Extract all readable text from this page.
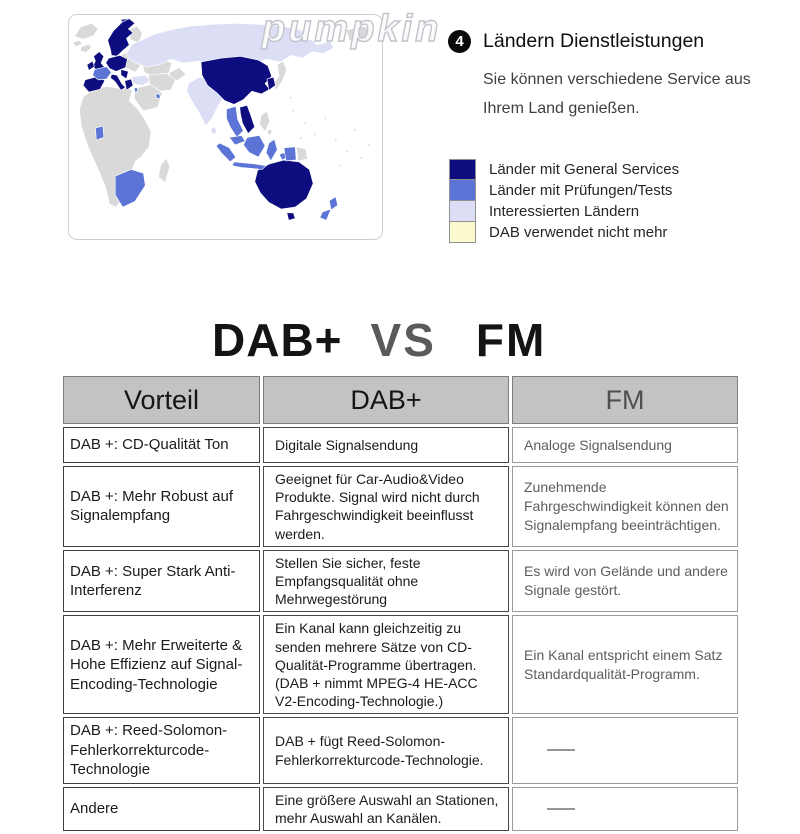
pumpkin 4 Ländern Dienstleistungen
Sie können verschiedene Service aus
Ihrem Land genießen.
Länder mit General Services
Länder mit Prüfungen/Tests
Interessierten Ländern
DAB verwendet nicht mehr
DAB+ VS FM
Vorteil	DAB+	FM
DAB +: CD-Qualität Ton	Digitale Signalsendung	Analoge Signalsendung
DAB +: Mehr Robust auf Signalempfang	Geeignet für Car-Audio&Video Produkte. Signal wird nicht durch Fahrgeschwindigkeit beeinflusst werden.	Zunehmende Fahrgeschwindigkeit können den Signalempfang beeinträchtigen.
DAB +: Super Stark Anti-Interferenz	Stellen Sie sicher, feste Empfangsqualität ohne Mehrwegestörung	Es wird von Gelände und andere Signale gestört.
DAB +: Mehr Erweiterte & Hohe Effizienz auf Signal-Encoding-Technologie	Ein Kanal kann gleichzeitig zu senden mehrere Sätze von CD-Qualität-Programme übertragen. (DAB + nimmt MPEG-4 HE-ACC V2-Encoding-Technologie.)	Ein Kanal entspricht einem Satz Standardqualität-Programm.
DAB +: Reed-Solomon-Fehlerkorrekturcode-Technologie	DAB + fügt Reed-Solomon-Fehlerkorrekturcode-Technologie.	——
Andere	Eine größere Auswahl an Stationen, mehr Auswahl an Kanälen.	——
